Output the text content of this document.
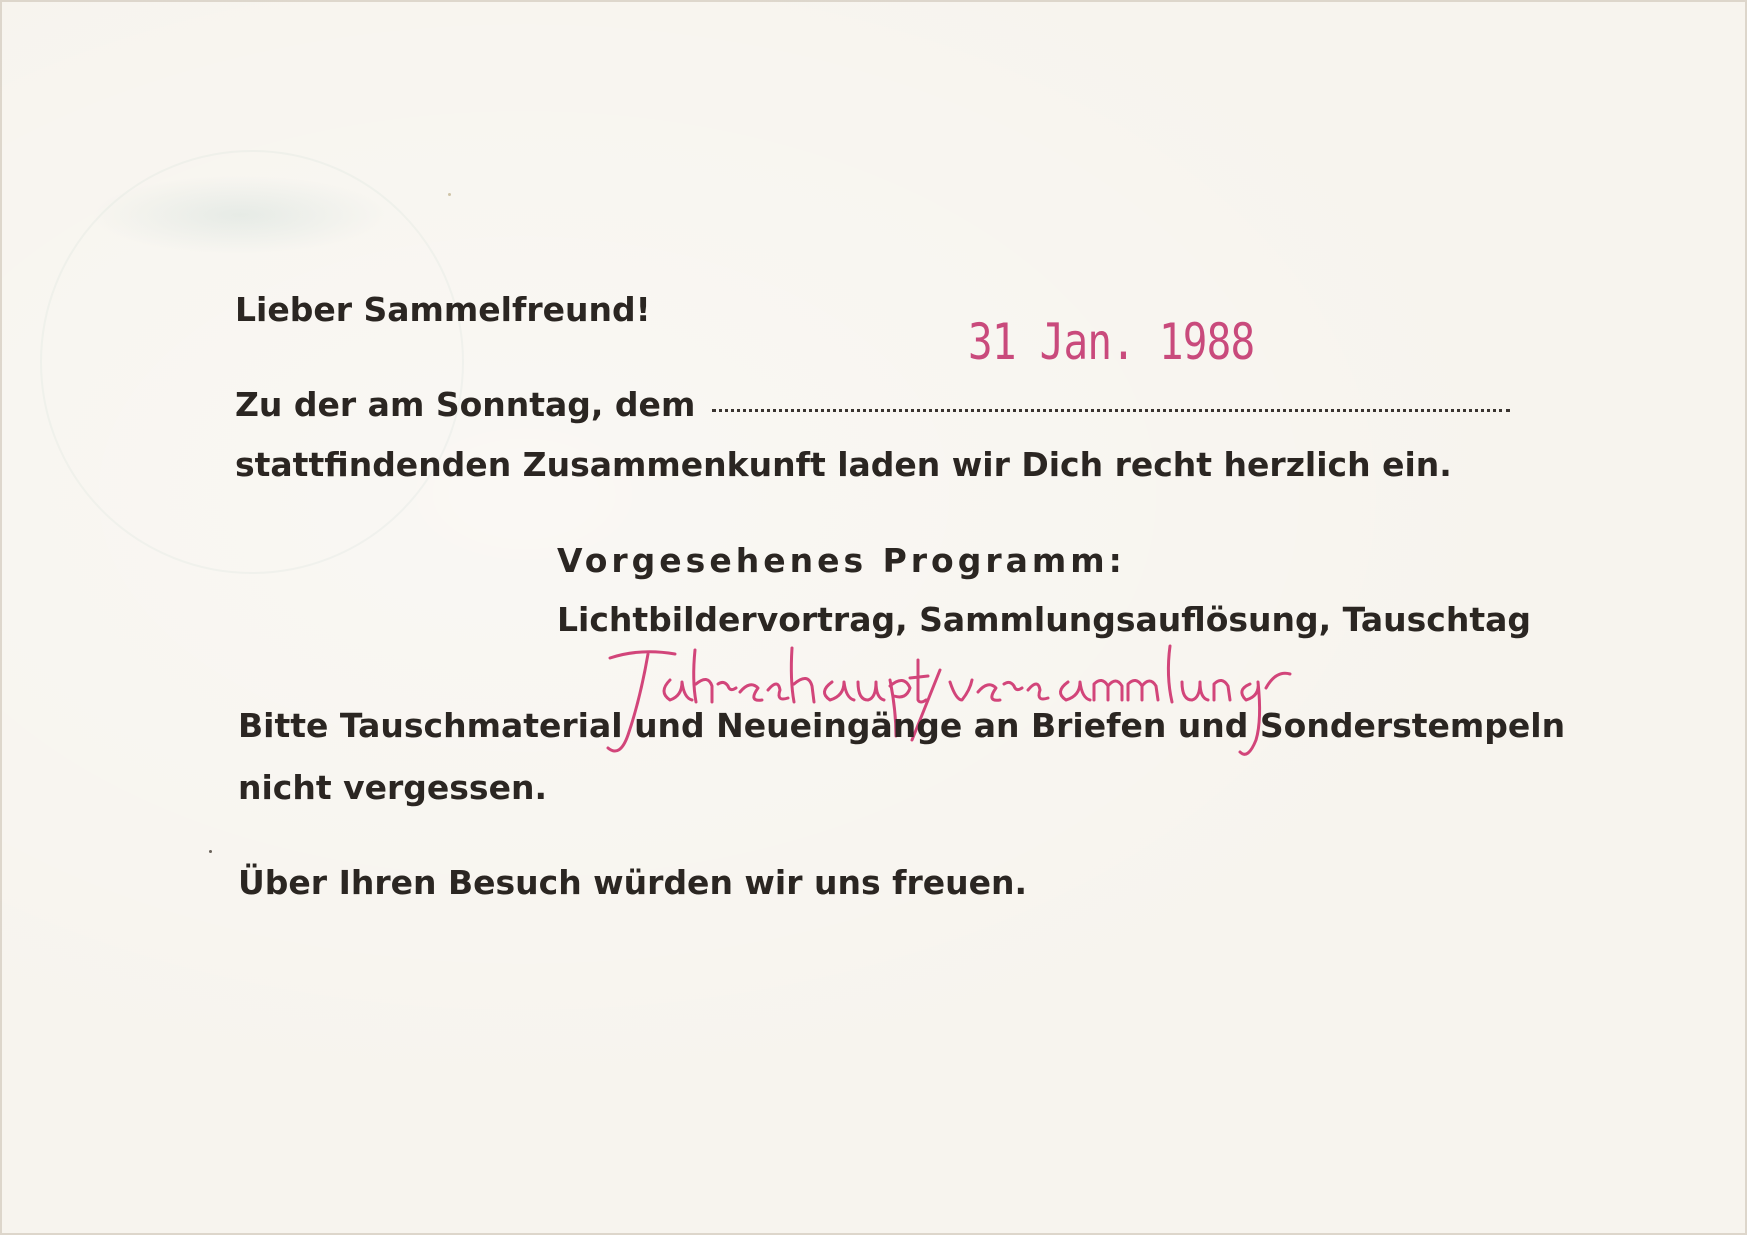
Lieber Sammelfreund!
31 Jan. 1988
Zu der am Sonntag, dem
stattfindenden Zusammenkunft laden wir Dich recht herzlich ein.
Vorgesehenes Programm:
Lichtbildervortrag, Sammlungsauflösung, Tauschtag
Bitte Tauschmaterial und Neueingänge an Briefen und Sonderstempeln
nicht vergessen.
Über Ihren Besuch würden wir uns freuen.
